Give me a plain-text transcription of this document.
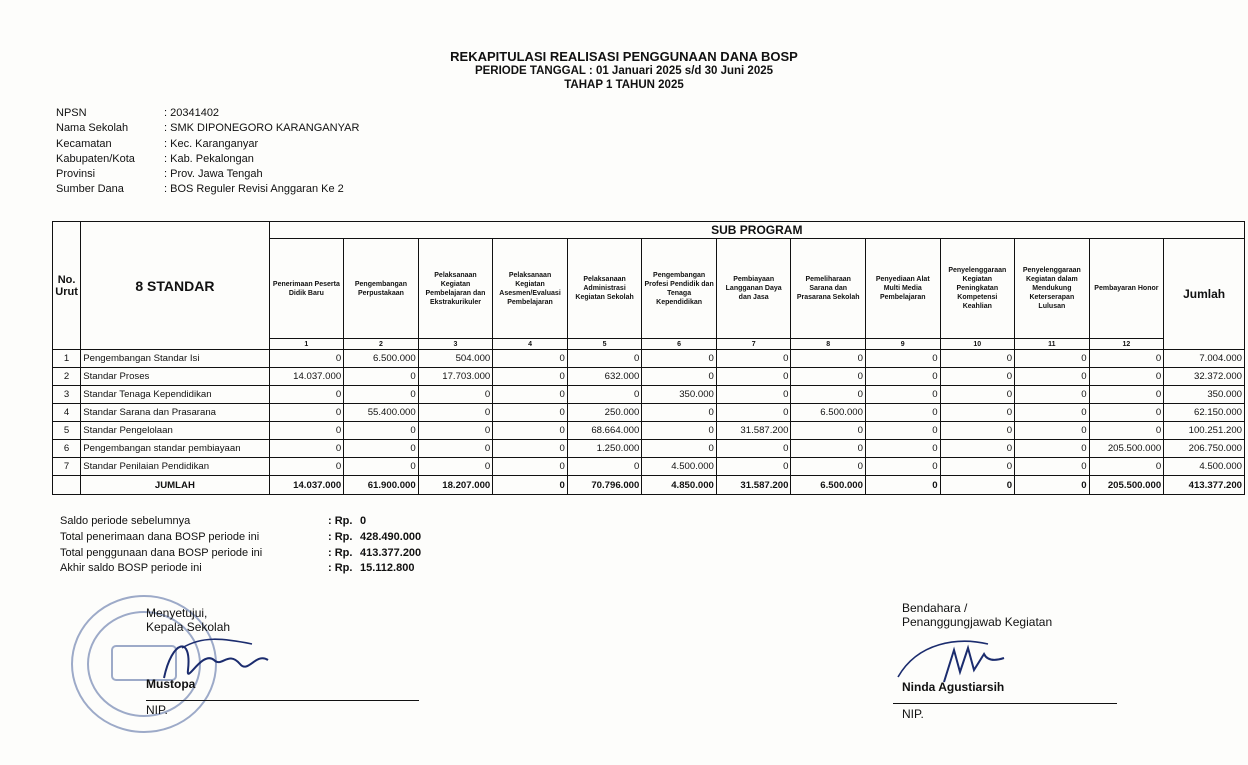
REKAPITULASI REALISASI PENGGUNAAN DANA BOSP
PERIODE TANGGAL : 01 Januari 2025 s/d 30 Juni 2025
TAHAP 1 TAHUN 2025
NPSN	: 20341402
Nama Sekolah	: SMK DIPONEGORO KARANGANYAR
Kecamatan	: Kec. Karanganyar
Kabupaten/Kota	: Kab. Pekalongan
Provinsi	: Prov. Jawa Tengah
Sumber Dana	: BOS Reguler Revisi Anggaran Ke 2
No. Urut	8 STANDAR	SUB PROGRAM												
		Penerimaan Peserta Didik Baru	Pengembangan Perpustakaan	Pelaksanaan Kegiatan Pembelajaran dan Ekstrakurikuler	Pelaksanaan Kegiatan Asesmen/Evaluasi Pembelajaran	Pelaksanaan Administrasi Kegiatan Sekolah	Pengembangan Profesi Pendidik dan Tenaga Kependidikan	Pembiayaan Langganan Daya dan Jasa	Pemeliharaan Sarana dan Prasarana Sekolah	Penyediaan Alat Multi Media Pembelajaran	Penyelenggaraan Kegiatan Peningkatan Kompetensi Keahlian	Penyelenggaraan Kegiatan dalam Mendukung Keterserapan Lulusan	Pembayaran Honor	Jumlah
		1	2	3	4	5	6	7	8	9	10	11	12	
1	Pengembangan Standar Isi	0	6.500.000	504.000	0	0	0	0	0	0	0	0	0	7.004.000
2	Standar Proses	14.037.000	0	17.703.000	0	632.000	0	0	0	0	0	0	0	32.372.000
3	Standar Tenaga Kependidikan	0	0	0	0	0	350.000	0	0	0	0	0	0	350.000
4	Standar Sarana dan Prasarana	0	55.400.000	0	0	250.000	0	0	6.500.000	0	0	0	0	62.150.000
5	Standar Pengelolaan	0	0	0	0	68.664.000	0	31.587.200	0	0	0	0	0	100.251.200
6	Pengembangan standar pembiayaan	0	0	0	0	1.250.000	0	0	0	0	0	0	205.500.000	206.750.000
7	Standar Penilaian Pendidikan	0	0	0	0	0	4.500.000	0	0	0	0	0	0	4.500.000
	JUMLAH	14.037.000	61.900.000	18.207.000	0	70.796.000	4.850.000	31.587.200	6.500.000	0	0	0	205.500.000	413.377.200
Saldo periode sebelumnya	: Rp. 0
Total penerimaan dana BOSP periode ini	: Rp. 428.490.000
Total penggunaan dana BOSP periode ini	: Rp. 413.377.200
Akhir saldo BOSP periode ini	: Rp. 15.112.800
Menyetujui,
Kepala Sekolah
Mustopa
NIP.
Bendahara /
Penanggungjawab Kegiatan
Ninda Agustiarsih
NIP.
